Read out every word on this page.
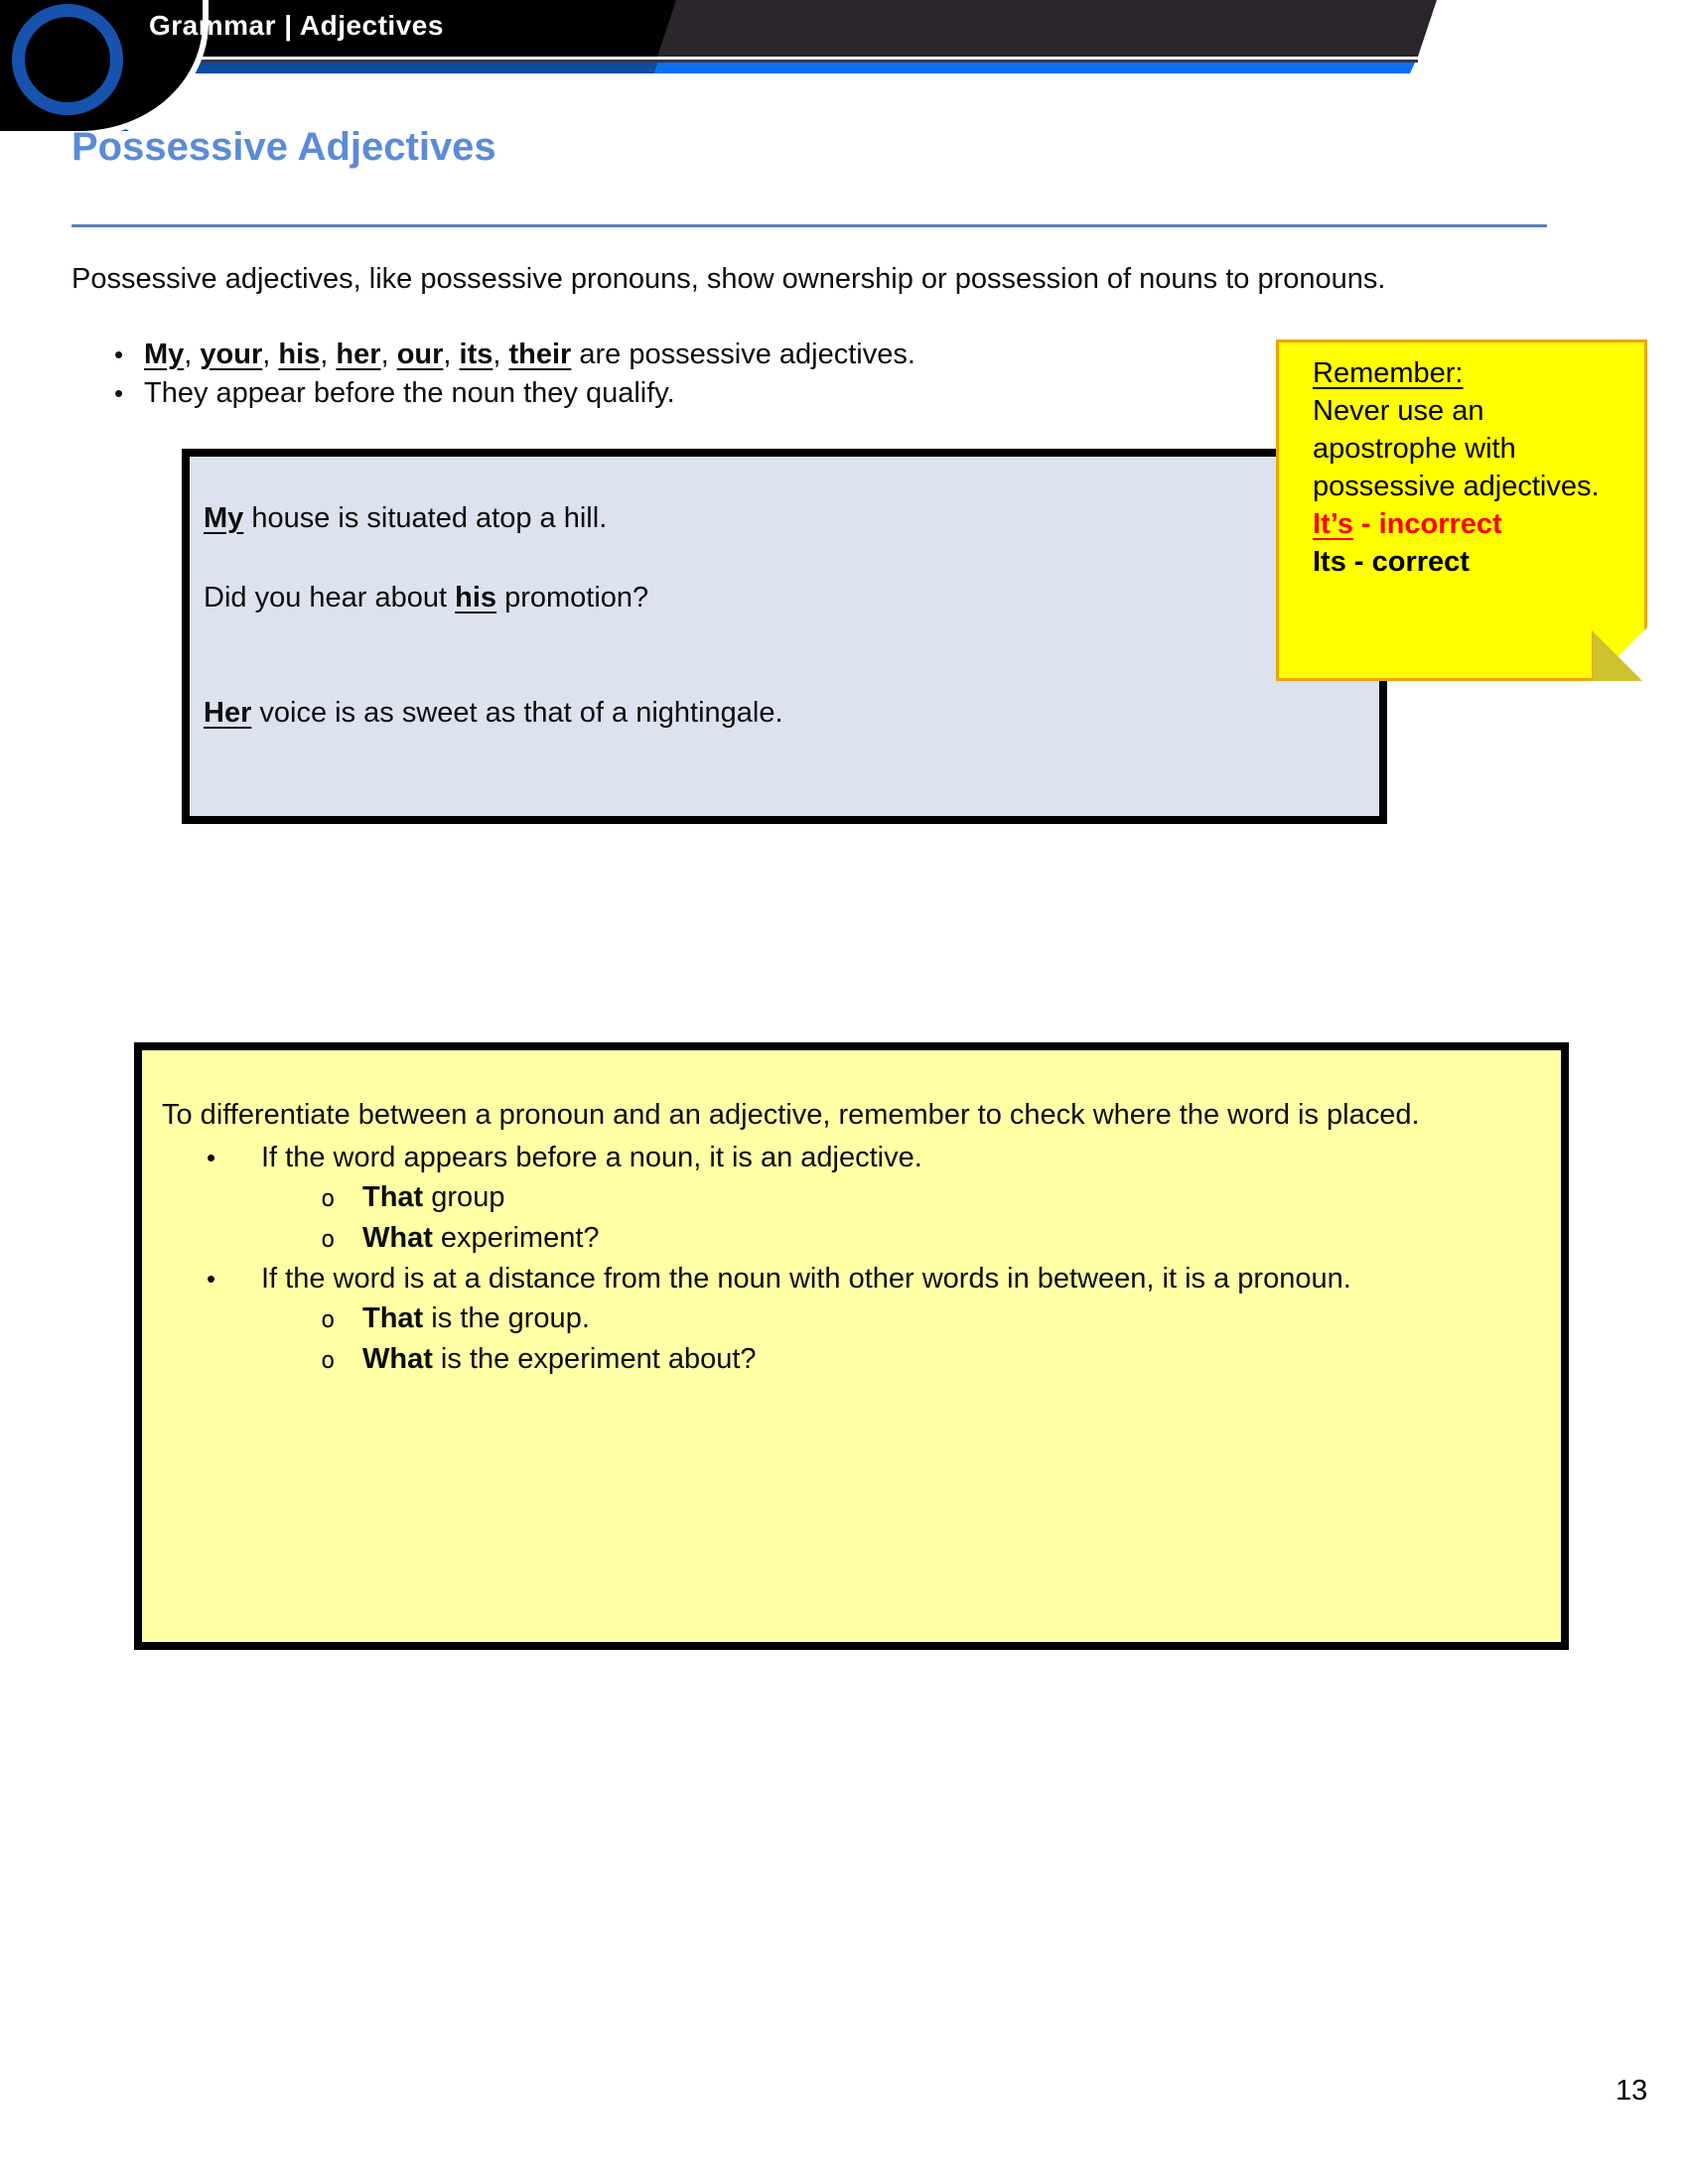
Grammar | Adjectives
Possessive Adjectives
Possessive adjectives, like possessive pronouns, show ownership or possession of nouns to pronouns.
• My, your, his, her, our, its, their are possessive adjectives.
• They appear before the noun they qualify.
Remember:
Never use an
apostrophe with
possessive adjectives.
It’s - incorrect
Its - correct
My house is situated atop a hill.
Did you hear about his promotion?
Her voice is as sweet as that of a nightingale.
To differentiate between a pronoun and an adjective, remember to check where the word is placed.
• If the word appears before a noun, it is an adjective.
o That group
o What experiment?
• If the word is at a distance from the noun with other words in between, it is a pronoun.
o That is the group.
o What is the experiment about?
13
